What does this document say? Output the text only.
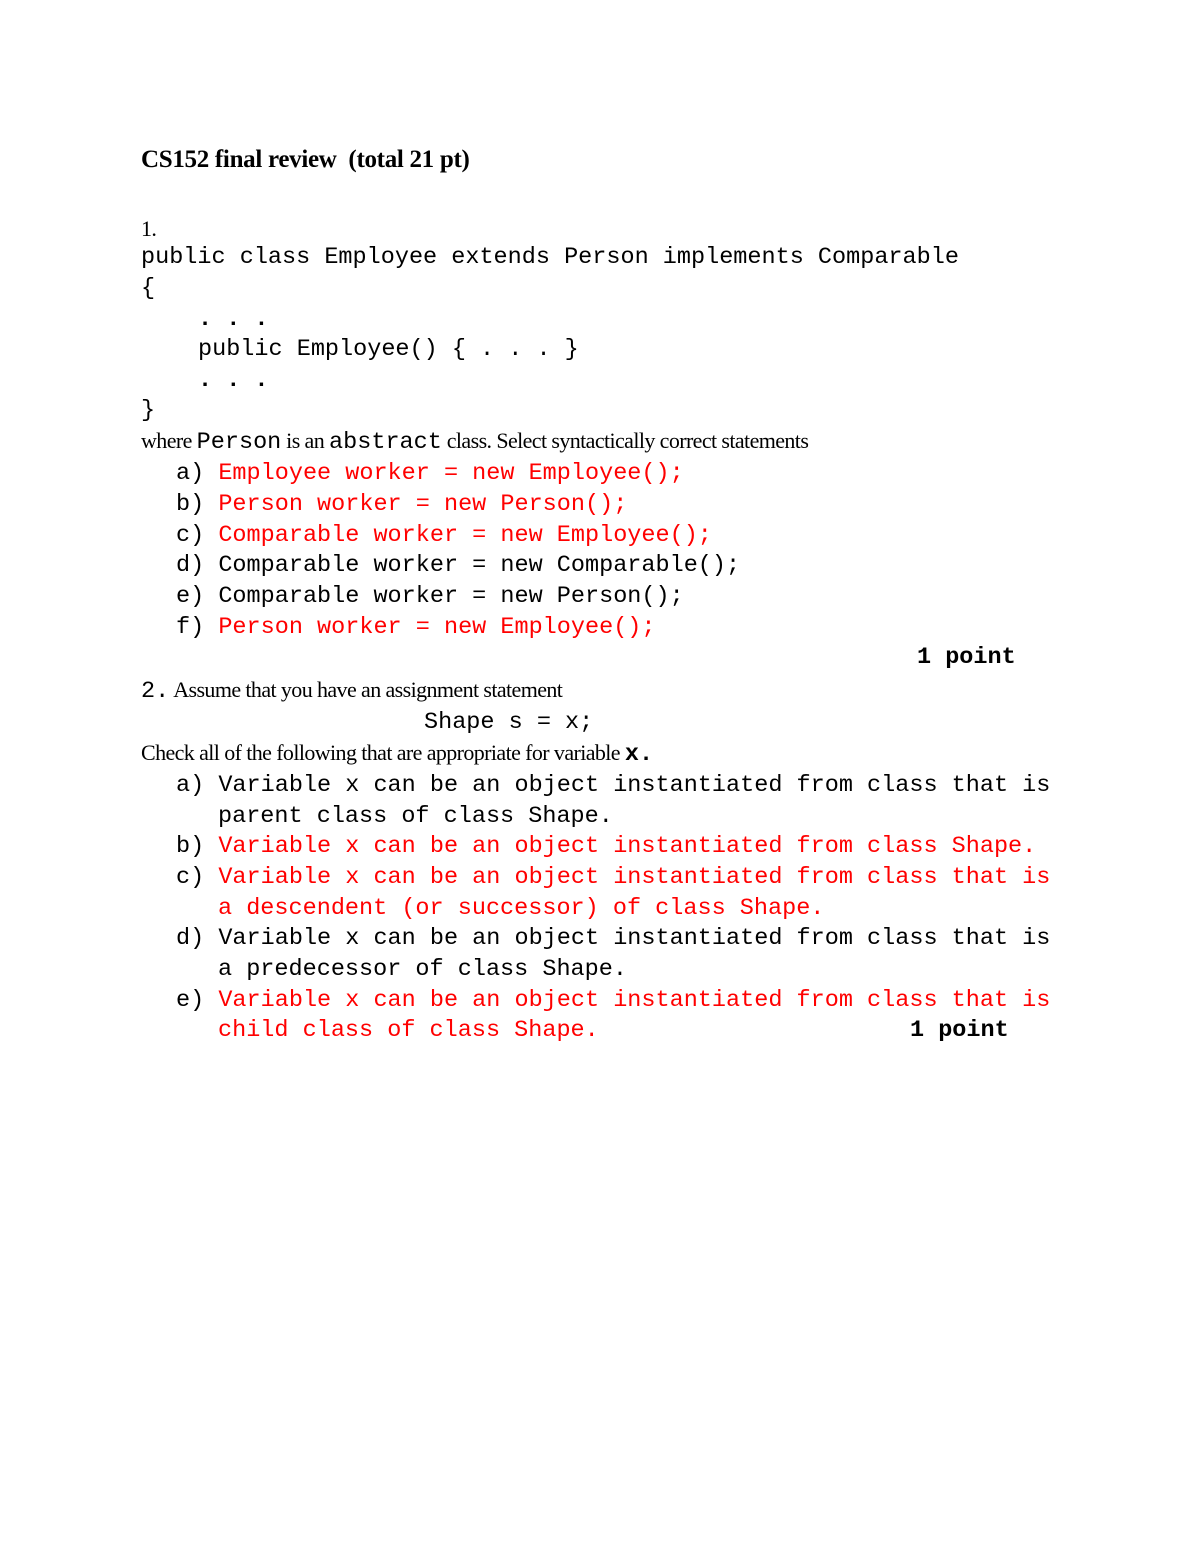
CS152 final review  (total 21 pt)
1.
public class Employee extends Person implements Comparable
{
. . .
public Employee() { . . . }
. . .
}
where Person is an abstract class. Select syntactically correct statements
a) Employee worker = new Employee();
b) Person worker = new Person();
c) Comparable worker = new Employee();
d) Comparable worker = new Comparable();
e) Comparable worker = new Person();
f) Person worker = new Employee();
1 point
2. Assume that you have an assignment statement
Shape s = x;
Check all of the following that are appropriate for variable x.
a) Variable x can be an object instantiated from class that is
parent class of class Shape.
b) Variable x can be an object instantiated from class Shape.
c) Variable x can be an object instantiated from class that is
a descendent (or successor) of class Shape.
d) Variable x can be an object instantiated from class that is
a predecessor of class Shape.
e) Variable x can be an object instantiated from class that is
child class of class Shape.	1 point
